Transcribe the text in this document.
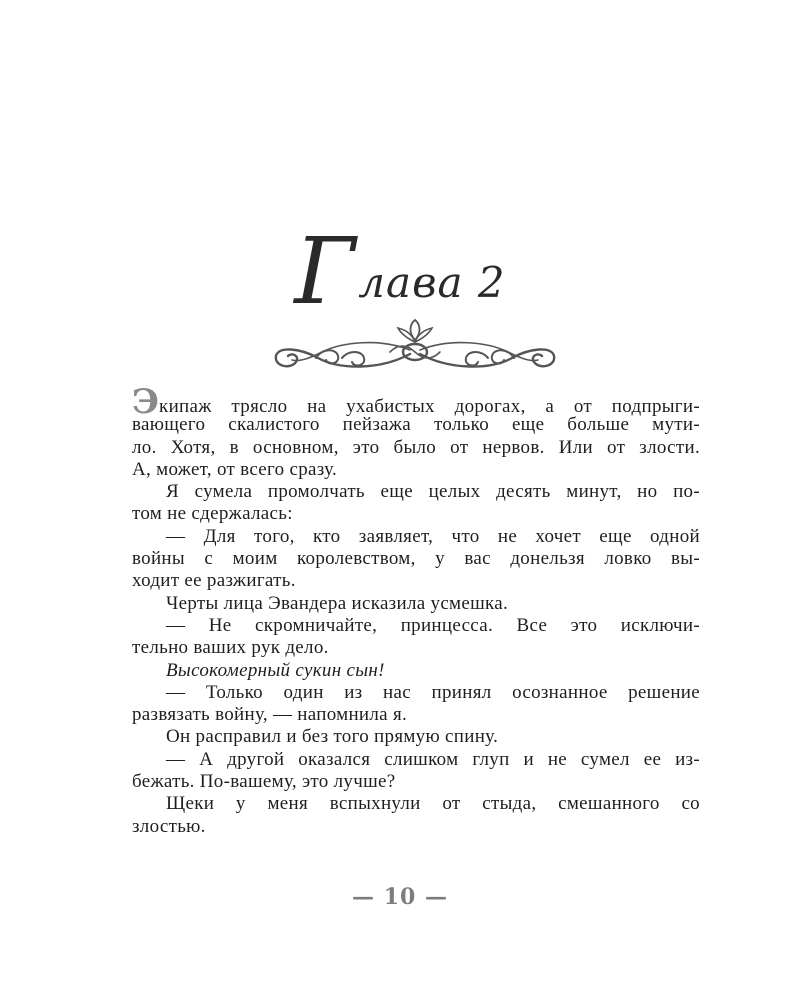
Глава 2
Экипаж трясло на ухабистых дорогах, а от подпрыги-
вающего скалистого пейзажа только еще больше мути-
ло. Хотя, в основном, это было от нервов. Или от злости.
А, может, от всего сразу.
Я сумела промолчать еще целых десять минут, но по-
том не сдержалась:
— Для того, кто заявляет, что не хочет еще одной
войны с моим королевством, у вас донельзя ловко вы-
ходит ее разжигать.
Черты лица Эвандера исказила усмешка.
— Не скромничайте, принцесса. Все это исключи-
тельно ваших рук дело.
Высокомерный сукин сын!
— Только один из нас принял осознанное решение
развязать войну, — напомнила я.
Он расправил и без того прямую спину.
— А другой оказался слишком глуп и не сумел ее из-
бежать. По-вашему, это лучше?
Щеки у меня вспыхнули от стыда, смешанного со
злостью.
— 10 —
